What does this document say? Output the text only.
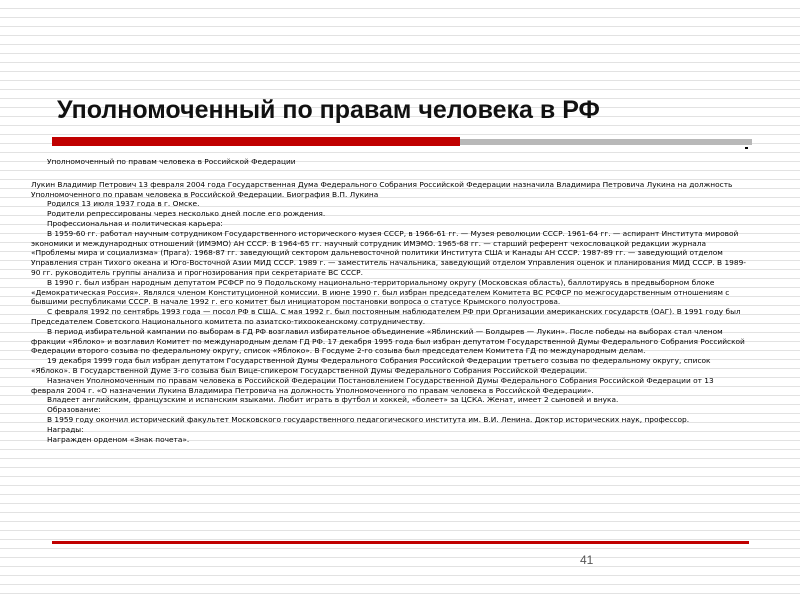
Уполномоченный по правам человека в РФ

Уполномоченный по правам человека в Российской Федерации

Лукин Владимир Петрович 13 февраля 2004 года Государственная Дума Федерального Собрания Российской Федерации назначила Владимира Петровича Лукина на должность Уполномоченного по правам человека в Российской Федерации. Биография В.П. Лукина

Родился 13 июля 1937 года в г. Омске.

Родители репрессированы через несколько дней после его рождения.

Профессиональная и политическая карьера:

В 1959-60 гг. работал научным сотрудником Государственного исторического музея СССР, в 1966-61 гг. — Музея революции СССР. 1961-64 гг. — аспирант Института мировой экономики и международных отношений (ИМЭМО) АН СССР. В 1964-65 гг. научный сотрудник ИМЭМО. 1965-68 гг. — старший референт чехословацкой редакции журнала «Проблемы мира и социализма» (Прага). 1968-87 гг. заведующий сектором дальневосточной политики Института США и Канады АН СССР. 1987-89 гг. — заведующий отделом Управления стран Тихого океана и Юго-Восточной Азии МИД СССР. 1989 г. — заместитель начальника, заведующий отделом Управления оценок и планирования МИД СССР. В 1989-90 гг. руководитель группы анализа и прогнозирования при секретариате ВС СССР.

В 1990 г. был избран народным депутатом РСФСР по 9 Подольскому национально-территориальному округу (Московская область), баллотируясь в предвыборном блоке «Демократическая Россия». Являлся членом Конституционной комиссии. В июне 1990 г. был избран председателем Комитета ВС РСФСР по межгосударственным отношениям с бывшими республиками СССР. В начале 1992 г. его комитет был инициатором постановки вопроса о статусе Крымского полуострова.

С февраля 1992 по сентябрь 1993 года — посол РФ в США. С мая 1992 г. был постоянным наблюдателем РФ при Организации американских государств (ОАГ). В 1991 году был Председателем Советского Национального комитета по азиатско-тихоокеанскому сотрудничеству.

В период избирательной кампании по выборам в ГД РФ возглавил избирательное объединение «Яблинский — Болдырев — Лукин». После победы на выборах стал членом фракции «Яблоко» и возглавил Комитет по международным делам ГД РФ. 17 декабря 1995 года был избран депутатом Государственной Думы Федерального Собрания Российской Федерации второго созыва по федеральному округу, список «Яблоко». В Госдуме 2-го созыва был председателем Комитета ГД по международным делам.

19 декабря 1999 года был избран депутатом Государственной Думы Федерального Собрания Российской Федерации третьего созыва по федеральному округу, список «Яблоко». В Государственной Думе 3-го созыва был Вице-спикером Государственной Думы Федерального Собрания Российской Федерации.

Назначен Уполномоченным по правам человека в Российской Федерации Постановлением Государственной Думы Федерального Собрания Российской Федерации от 13 февраля 2004 г. «О назначении Лукина Владимира Петровича на должность Уполномоченного по правам человека в Российской Федерации».

Владеет английским, французским и испанским языками. Любит играть в футбол и хоккей, «болеет» за ЦСКА. Женат, имеет 2 сыновей и внука.

Образование:

В 1959 году окончил исторический факультет Московского государственного педагогического института им. В.И. Ленина. Доктор исторических наук, профессор.

Награды:

Награжден орденом «Знак почета».

41
